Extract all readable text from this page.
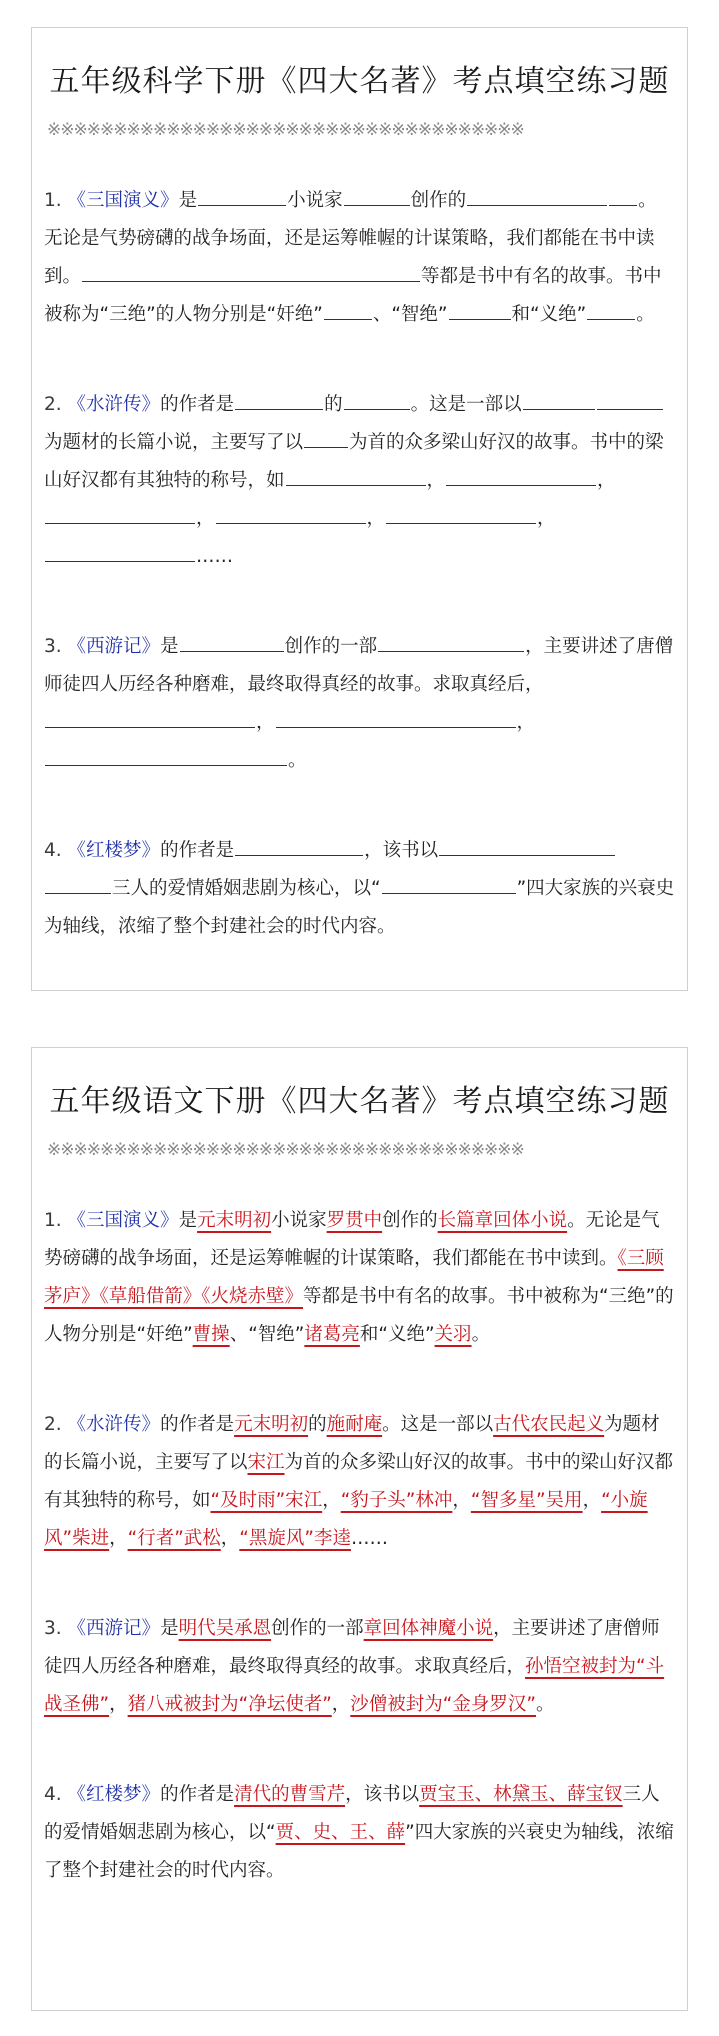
五年级科学下册《四大名著》考点填空练习题
※※※※※※※※※※※※※※※※※※※※※※※※※※※※※※※※※※※※

1. 《三国演义》是	小说家	创作的	。无论是气势磅礴的战争场面，还是运筹帷幄的计谋策略，我们都能在书中读到。	等都是书中有名的故事。书中被称为“三绝”的人物分别是“奸绝”	、“智绝”	和“义绝”	。

2. 《水浒传》的作者是	的	。这是一部以为题材的长篇小说，主要写了以 为首的众多梁山好汉的故事。书中的梁山好汉都有其独特的称号，如	，	，，	，	，……

3. 《西游记》是	创作的一部	，主要讲述了唐僧师徒四人历经各种磨难，最终取得真经的故事。求取真经后，，	，。

4. 《红楼梦》的作者是	，该书以三人的爱情婚姻悲剧为核心，以“	”四大家族的兴衰史为轴线，浓缩了整个封建社会的时代内容。

五年级语文下册《四大名著》考点填空练习题
※※※※※※※※※※※※※※※※※※※※※※※※※※※※※※※※※※※※

1. 《三国演义》是元末明初小说家罗贯中创作的长篇章回体小说。无论是气势磅礴的战争场面，还是运筹帷幄的计谋策略，我们都能在书中读到。《三顾茅庐》《草船借箭》《火烧赤壁》等都是书中有名的故事。书中被称为“三绝”的人物分别是“奸绝”曹操、“智绝”诸葛亮和“义绝”关羽。

2. 《水浒传》的作者是元末明初的施耐庵。这是一部以古代农民起义为题材的长篇小说，主要写了以宋江为首的众多梁山好汉的故事。书中的梁山好汉都有其独特的称号，如“及时雨”宋江，“豹子头”林冲，“智多星”吴用，“小旋风”柴进，“行者”武松，“黑旋风”李逵……

3. 《西游记》是明代吴承恩创作的一部章回体神魔小说，主要讲述了唐僧师徒四人历经各种磨难，最终取得真经的故事。求取真经后，孙悟空被封为“斗战圣佛”，猪八戒被封为“净坛使者”，沙僧被封为“金身罗汉”。

4. 《红楼梦》的作者是清代的曹雪芹，该书以贾宝玉、林黛玉、薛宝钗三人的爱情婚姻悲剧为核心，以“贾、史、王、薛”四大家族的兴衰史为轴线，浓缩了整个封建社会的时代内容。
